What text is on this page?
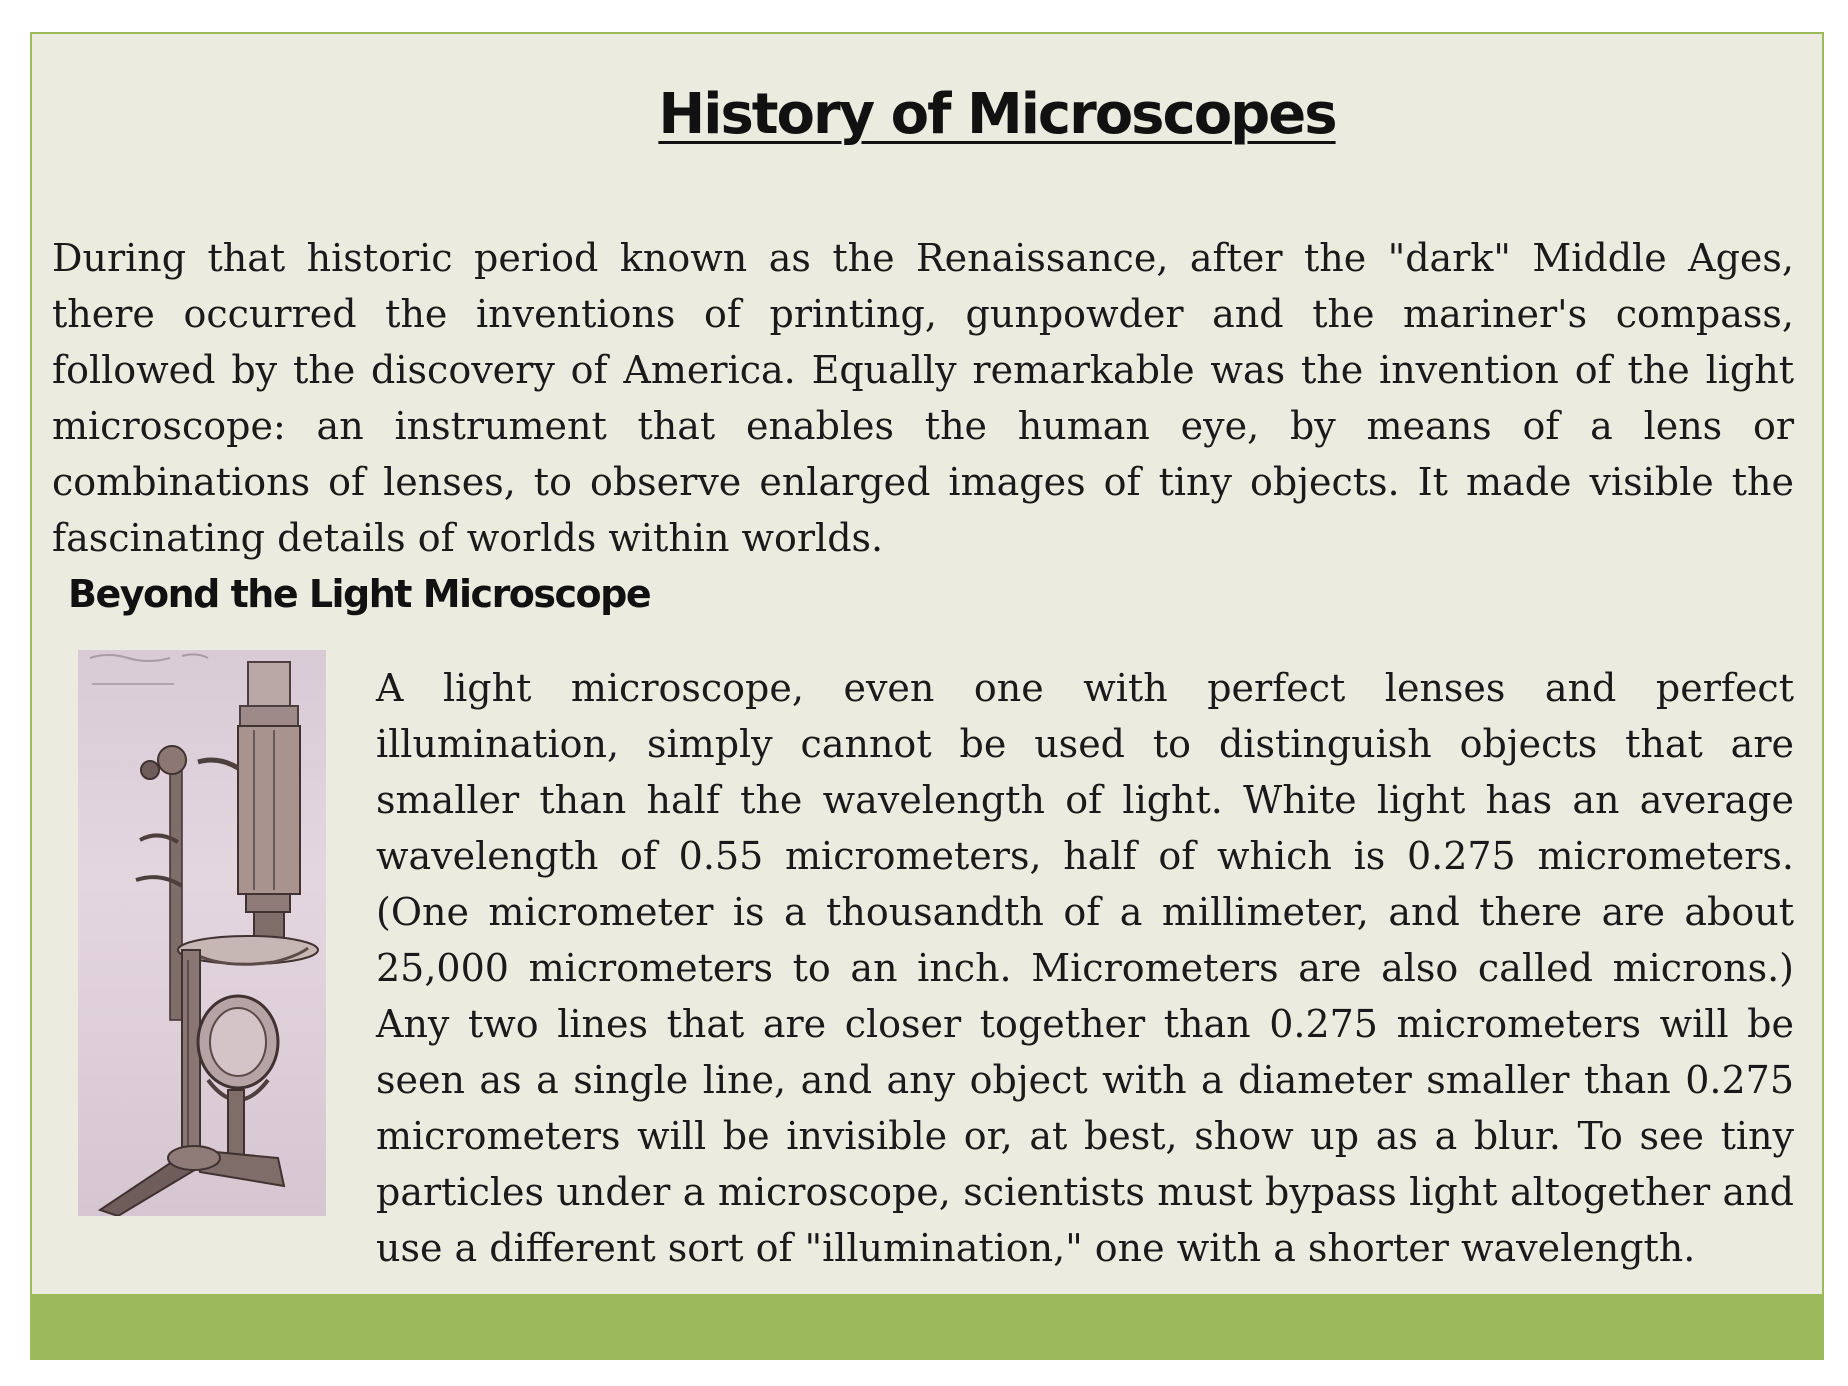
History of Microscopes

During that historic period known as the Renaissance, after the "dark" Middle Ages, there occurred the inventions of printing, gunpowder and the mariner's compass, followed by the discovery of America. Equally remarkable was the invention of the light microscope: an instrument that enables the human eye, by means of a lens or combinations of lenses, to observe enlarged images of tiny objects. It made visible the fascinating details of worlds within worlds.

Beyond the Light Microscope

A light microscope, even one with perfect lenses and perfect illumination, simply cannot be used to distinguish objects that are smaller than half the wavelength of light. White light has an average wavelength of 0.55 micrometers, half of which is 0.275 micrometers. (One micrometer is a thousandth of a millimeter, and there are about 25,000 micrometers to an inch. Micrometers are also called microns.) Any two lines that are closer together than 0.275 micrometers will be seen as a single line, and any object with a diameter smaller than 0.275 micrometers will be invisible or, at best, show up as a blur. To see tiny particles under a microscope, scientists must bypass light altogether and use a different sort of "illumination," one with a shorter wavelength.
